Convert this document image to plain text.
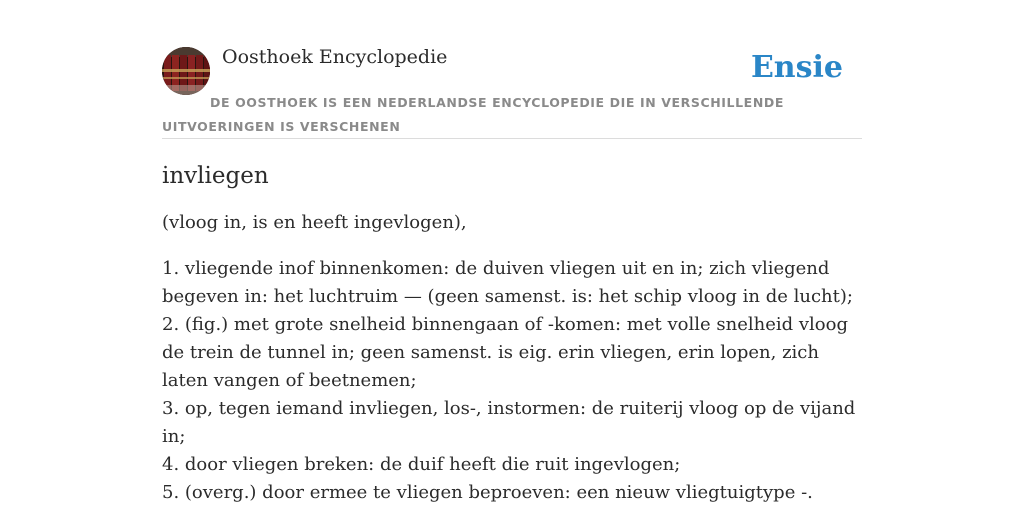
Oosthoek Encyclopedie	Ensie
DE OOSTHOEK IS EEN NEDERLANDSE ENCYCLOPEDIE DIE IN VERSCHILLENDE UITVOERINGEN IS VERSCHENEN
invliegen

(vloog in, is en heeft ingevlogen),

1. vliegende inof binnenkomen: de duiven vliegen uit en in; zich vliegend begeven in: het luchtruim — (geen samenst. is: het schip vloog in de lucht);
2. (fig.) met grote snelheid binnengaan of -komen: met volle snelheid vloog de trein de tunnel in; geen samenst. is eig. erin vliegen, erin lopen, zich laten vangen of beetnemen;
3. op, tegen iemand invliegen, los-, instormen: de ruiterij vloog op de vijand in;
4. door vliegen breken: de duif heeft die ruit ingevlogen;
5. (overg.) door ermee te vliegen beproeven: een nieuw vliegtuigtype -.
